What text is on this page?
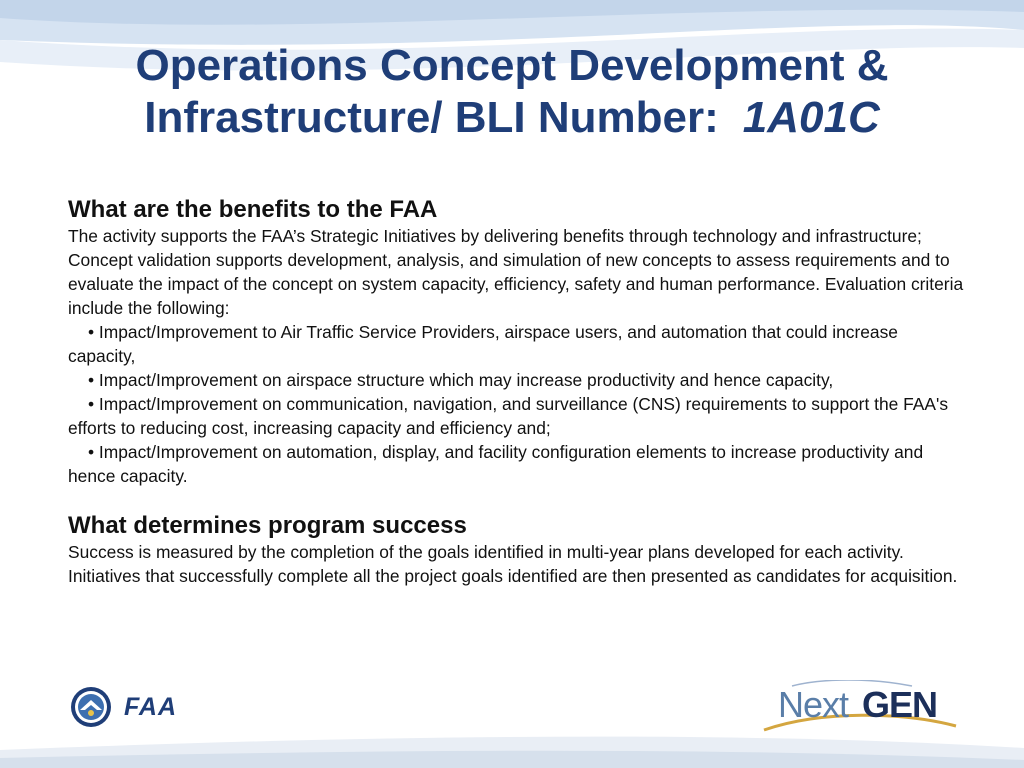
Operations Concept Development &
Infrastructure/ BLI Number: 1A01C

What are the benefits to the FAA

The activity supports the FAA’s Strategic Initiatives by delivering benefits through technology and infrastructure; Concept validation supports development, analysis, and simulation of new concepts to assess requirements and to evaluate the impact of the concept on system capacity, efficiency, safety and human performance. Evaluation criteria include the following:

• Impact/Improvement to Air Traffic Service Providers, airspace users, and automation that could increase capacity,

• Impact/Improvement on airspace structure which may increase productivity and hence capacity,

• Impact/Improvement on communication, navigation, and surveillance (CNS) requirements to support the FAA's efforts to reducing cost, increasing capacity and efficiency and;

• Impact/Improvement on automation, display, and facility configuration elements to increase productivity and hence capacity.

What determines program success

Success is measured by the completion of the goals identified in multi-year plans developed for each activity. Initiatives that successfully complete all the project goals identified are then presented as candidates for acquisition.

FAA	Next GEN
